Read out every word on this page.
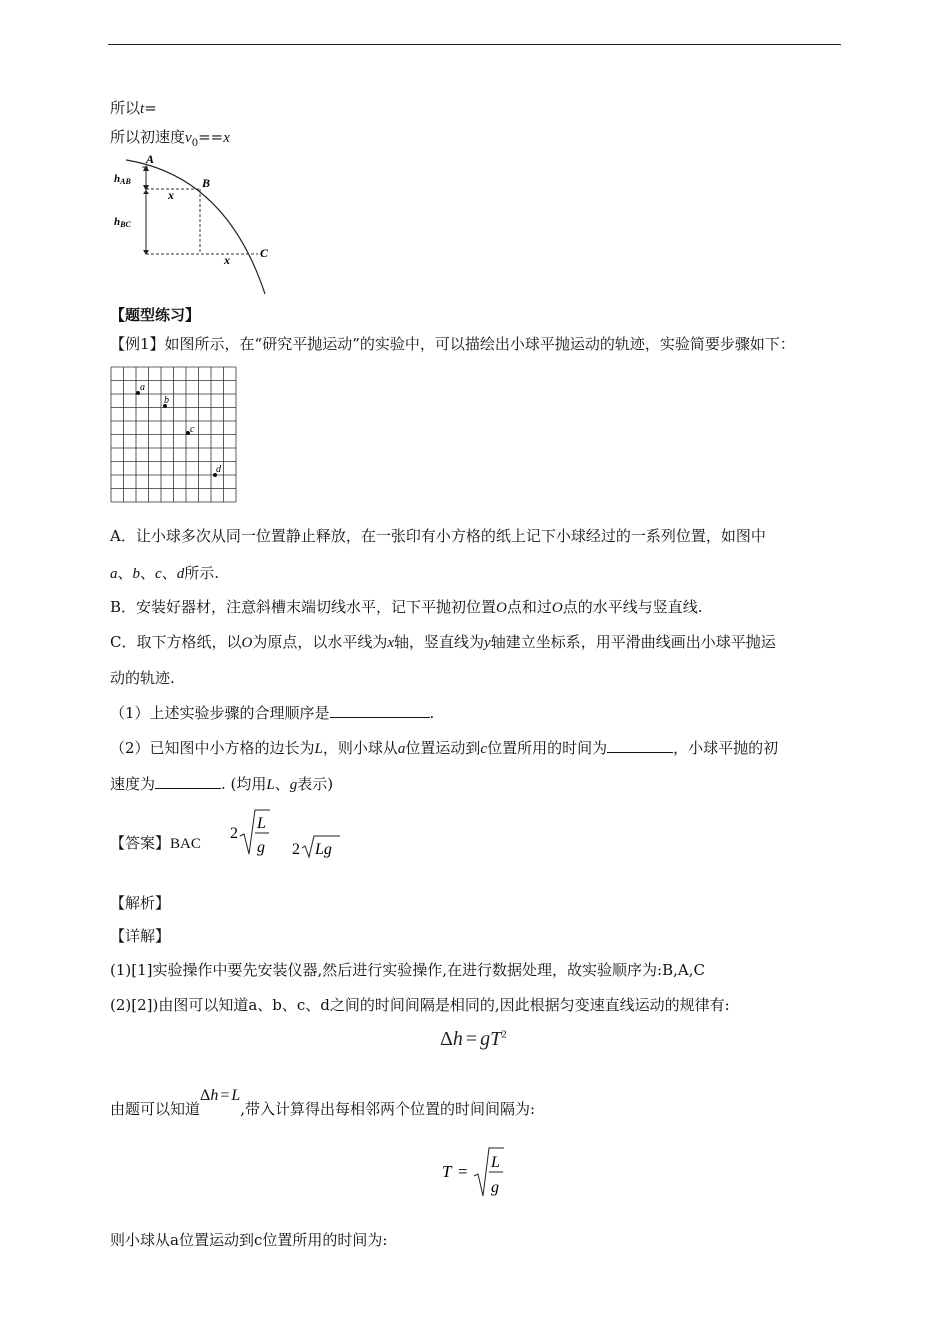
所以t=
所以初速度$v_0==x$
A
B
C
hAB
hBC
x
x
【题型练习】
【例1】如图所示，在“研究平抛运动”的实验中，可以描绘出小球平抛运动的轨迹，实验简要步骤如下：
a
b
c
d
A．让小球多次从同一位置静止释放，在一张印有小方格的纸上记下小球经过的一系列位置，如图中
a、b、c、d所示.
B．安装好器材，注意斜槽末端切线水平，记下平抛初位置O点和过O点的水平线与竖直线.
C．取下方格纸，以O为原点，以水平线为x轴，竖直线为y轴建立坐标系，用平滑曲线画出小球平抛运
动的轨迹.
（1）上述实验步骤的合理顺序是	.
（2）已知图中小方格的边长为L，则小球从a位置运动到c位置所用的时间为	，小球平抛的初
速度为	. (均用L、g表示)
【答案】BAC
2
L
g 2 Lg
【解析】
【详解】
(1)[1]实验操作中要先安装仪器,然后进行实验操作,在进行数据处理，故实验顺序为:B,A,C
(2)[2])由图可以知道a、b、c、d之间的时间间隔是相同的,因此根据匀变速直线运动的规律有:
$\Delta h = gT^2$
由题可以知道Δh = L,带入计算得出每相邻两个位置的时间间隔为:
T = L
g
则小球从a位置运动到c位置所用的时间为:
